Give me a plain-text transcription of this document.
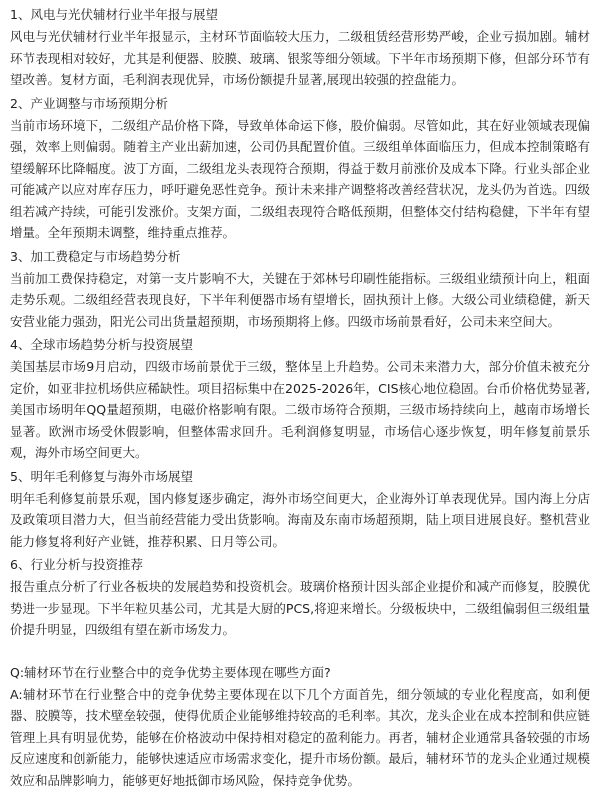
1、风电与光伏辅材行业半年报与展望

风电与光伏辅材行业半年报显示，主材环节面临较大压力，二级租赁经营形势严峻，企业亏损加剧。辅材环节表现相对较好，尤其是利便器、胶膜、玻璃、银浆等细分领域。下半年市场预期下修，但部分环节有望改善。复材方面，毛利润表现优异，市场份额提升显著,展现出较强的控盘能力。

2、产业调整与市场预期分析

当前市场环境下，二级组产品价格下降，导致单体命运下修，股价偏弱。尽管如此，其在好业领域表现偏强，效率上则偏弱。随着主产业出薪加速，公司仍具配置价值。三级组单体面临压力，但成本控制策略有望缓解环比降幅度。波丁方面，二级组龙头表现符合预期，得益于数月前涨价及成本下降。行业头部企业可能减产以应对库存压力，呼吁避免恶性竞争。预计未来排产调整将改善经营状况，龙头仍为首选。四级组若减产持续，可能引发涨价。支架方面，二级组表现符合略低预期，但整体交付结构稳健，下半年有望增量。全年预期未调整，维持重点推荐。

3、加工费稳定与市场趋势分析

当前加工费保持稳定，对第一支片影响不大，关键在于郊林号印刷性能指标。三级组业绩预计向上，粗面走势乐观。二级组经营表现良好，下半年利便器市场有望增长，固执预计上修。大级公司业绩稳健，新天安营业能力强劲，阳光公司出货量超预期，市场预期将上修。四级市场前景看好，公司未来空间大。

4、全球市场趋势分析与投资展望

美国基层市场9月启动，四级市场前景优于三级，整体呈上升趋势。公司未来潜力大，部分价值未被充分定价，如亚非拉机场供应稀缺性。项目招标集中在2025-2026年，CIS核心地位稳固。台币价格优势显著,美国市场明年QQ量超预期，电磁价格影响有限。二级市场符合预期，三级市场持续向上，越南市场增长显著。欧洲市场受休假影响，但整体需求回升。毛利润修复明显，市场信心逐步恢复，明年修复前景乐观，海外市场空间更大。

5、明年毛利修复与海外市场展望

明年毛利修复前景乐观，国内修复逐步确定，海外市场空间更大，企业海外订单表现优异。国内海上分店及政策项目潜力大，但当前经营能力受出货影响。海南及东南市场超预期，陆上项目进展良好。整机营业能力修复将利好产业链，推荐积累、日月等公司。

6、行业分析与投资推荐

报告重点分析了行业各板块的发展趋势和投资机会。玻璃价格预计因头部企业提价和减产而修复，胶膜优势进一步显现。下半年粒贝基公司，尤其是大厨的PCS,将迎来增长。分级板块中，二级组偏弱但三级组量价提升明显，四级组有望在新市场发力。

Q:辅材环节在行业整合中的竞争优势主要体现在哪些方面?

A:辅材环节在行业整合中的竞争优势主要体现在以下几个方面首先，细分领域的专业化程度高，如利便器、胶膜等，技术壁垒较强，使得优质企业能够维持较高的毛利率。其次，龙头企业在成本控制和供应链管理上具有明显优势，能够在价格波动中保持相对稳定的盈利能力。再者，辅材企业通常具备较强的市场反应速度和创新能力，能够快速适应市场需求变化，提升市场份额。最后，辅材环节的龙头企业通过规模效应和品牌影响力，能够更好地抵御市场风险，保持竞争优势。
